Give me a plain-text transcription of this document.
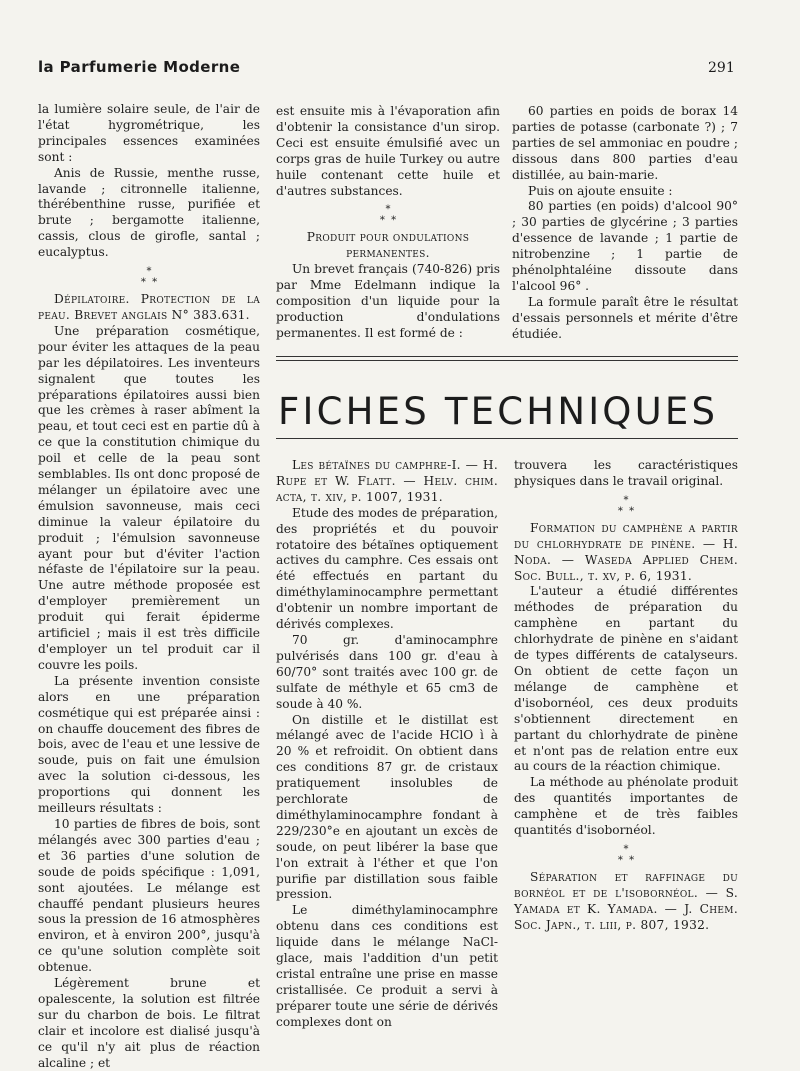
la Parfumerie Moderne	291

la lumière solaire seule, de l'air de l'état hygrométrique, les principales essences examinées sont :

Anis de Russie, menthe russe, lavande ; citronnelle italienne, thérébenthine russe, purifiée et brute ; bergamotte italienne, cassis, clous de girofle, santal ; eucalyptus.

*
*  *

Dépilatoire. Protection de la peau. Brevet anglais N° 383.631.

Une préparation cosmétique, pour éviter les attaques de la peau par les dépilatoires. Les inventeurs signalent que toutes les préparations épilatoires aussi bien que les crèmes à raser abîment la peau, et tout ceci est en partie dû à ce que la constitution chimique du poil et celle de la peau sont semblables. Ils ont donc proposé de mélanger un épilatoire avec une émulsion savonneuse, mais ceci diminue la valeur épilatoire du produit ; l'émulsion savonneuse ayant pour but d'éviter l'action néfaste de l'épilatoire sur la peau. Une autre méthode proposée est d'employer premièrement un produit qui ferait épiderme artificiel ; mais il est très difficile d'employer un tel produit car il couvre les poils.

La présente invention consiste alors en une préparation cosmétique qui est préparée ainsi : on chauffe doucement des fibres de bois, avec de l'eau et une lessive de soude, puis on fait une émulsion avec la solution ci-dessous, les proportions qui donnent les meilleurs résultats :

10 parties de fibres de bois, sont mélangés avec 300 parties d'eau ; et 36 parties d'une solution de soude de poids spécifique : 1,091, sont ajoutées. Le mélange est chauffé pendant plusieurs heures sous la pression de 16 atmosphères environ, et à environ 200°, jusqu'à ce qu'une solution complète soit obtenue.

Légèrement brune et opalescente, la solution est filtrée sur du charbon de bois. Le filtrat clair et incolore est dialisé jusqu'à ce qu'il n'y ait plus de réaction alcaline ; et

est ensuite mis à l'évaporation afin d'obtenir la consistance d'un sirop. Ceci est ensuite émulsifié avec un corps gras de huile Turkey ou autre huile contenant cette huile et d'autres substances.

*
*  *

Produit pour ondulations

permanentes.

Un brevet français (740-826) pris par Mme Edelmann indique la composition d'un liquide pour la production d'ondulations permanentes. Il est formé de :

60 parties en poids de borax 14 parties de potasse (carbonate ?) ; 7 parties de sel ammoniac en poudre ; dissous dans 800 parties d'eau distillée, au bain-marie.

Puis on ajoute ensuite :

80 parties (en poids) d'alcool 90° ; 30 parties de glycérine ; 3 parties d'essence de lavande ; 1 partie de nitrobenzine ; 1 partie de phénolphtaléine dissoute dans l'alcool 96° .

La formule paraît être le résultat d'essais personnels et mérite d'être étudiée.

FICHES TECHNIQUES

Les bétaïnes du camphre-I. — H. Rupe et W. Flatt. — Helv. chim. acta, t. xiv, p. 1007, 1931.

Etude des modes de préparation, des propriétés et du pouvoir rotatoire des bétaïnes optiquement actives du camphre. Ces essais ont été effectués en partant du diméthylaminocamphre permettant d'obtenir un nombre important de dérivés complexes.

70 gr. d'aminocamphre pulvérisés dans 100 gr. d'eau à 60/70° sont traités avec 100 gr. de sulfate de méthyle et 65 cm3 de soude à 40 %.

On distille et le distillat est mélangé avec de l'acide HClO ì à 20 % et refroidit. On obtient dans ces conditions 87 gr. de cristaux pratiquement insolubles de perchlorate de diméthylaminocamphre fondant à 229/230°e en ajoutant un excès de soude, on peut libérer la base que l'on extrait à l'éther et que l'on purifie par distillation sous faible pression.

Le diméthylaminocamphre obtenu dans ces conditions est liquide dans le mélange NaCl-glace, mais l'addition d'un petit cristal entraîne une prise en masse cristallisée. Ce produit a servi à préparer toute une série de dérivés complexes dont on

trouvera les caractéristiques physiques dans le travail original.

*
*  *

Formation du camphène a partir du chlorhydrate de pinène. — H. Noda. — Waseda Applied Chem. Soc. Bull., t. xv, p. 6, 1931.

L'auteur a étudié différentes méthodes de préparation du camphène en partant du chlorhydrate de pinène en s'aidant de types différents de catalyseurs. On obtient de cette façon un mélange de camphène et d'isobornéol, ces deux produits s'obtiennent directement en partant du chlorhydrate de pinène et n'ont pas de relation entre eux au cours de la réaction chimique.

La méthode au phénolate produit des quantités importantes de camphène et de très faibles quantités d'isobornéol.

*
*  *

Séparation et raffinage du bornéol et de l'isobornéol. — S. Yamada et K. Yamada. — J. Chem. Soc. Japn., t. liii, p. 807, 1932.
